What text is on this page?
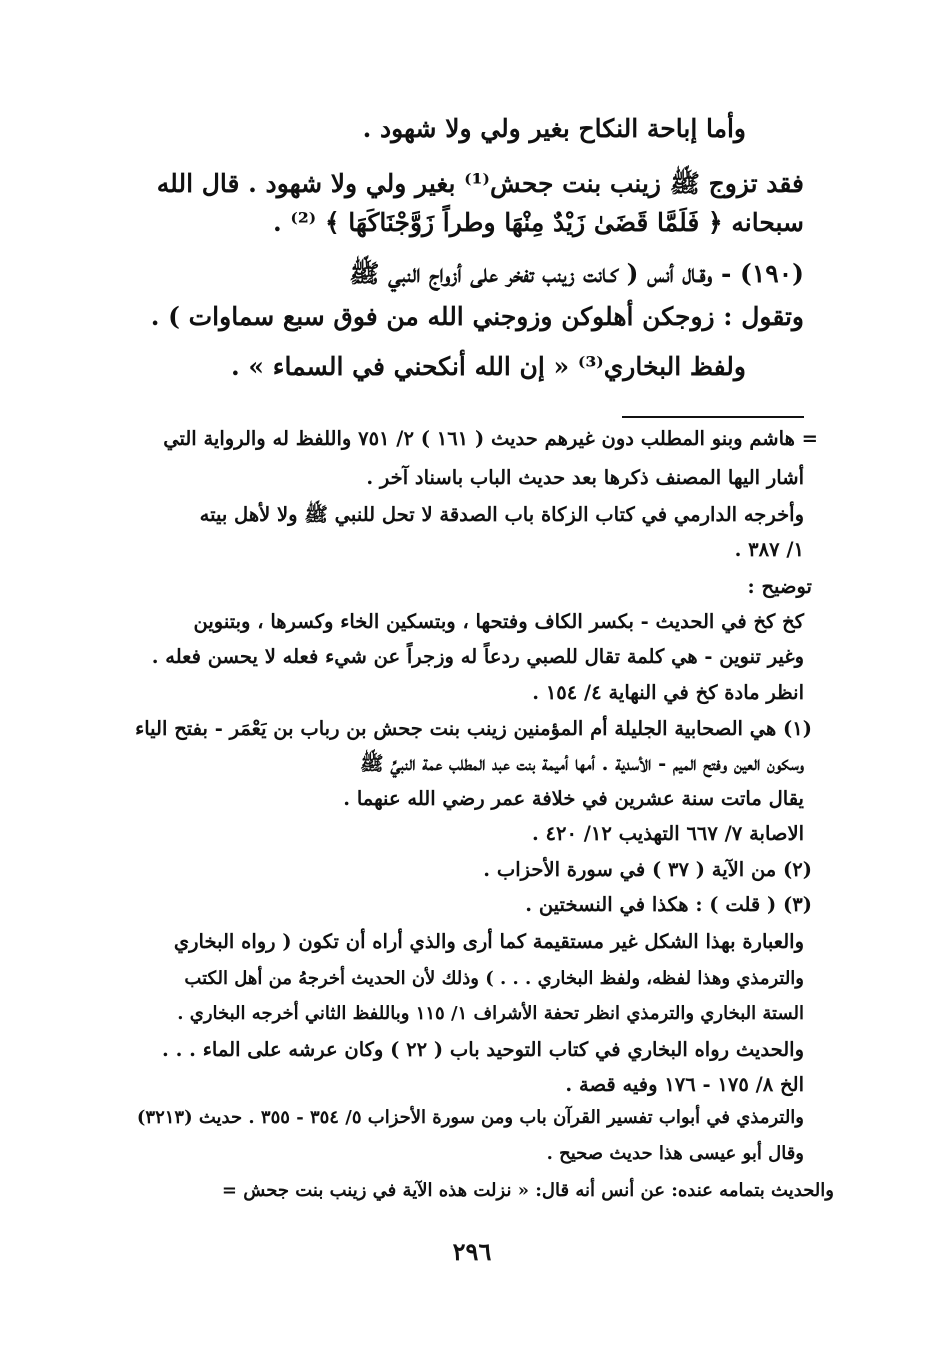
وأما إباحة النكاح بغير ولي ولا شهود .
فقد تزوج ﷺ زينب بنت جحش⁽¹⁾ بغير ولي ولا شهود . قال الله
سبحانه ﴿ فَلَمَّا قَضَىٰ زَيْدٌ مِنْهَا وطراً زَوَّجْنَاكَهَا ﴾ ⁽²⁾ .
(١٩٠) - وقـال أنس ( كـانت زينب تفخر على أزواج النبي ﷺ
وتقول : زوجكن أهلوكن وزوجني الله من فوق سبع سماوات ) .
ولفظ البخاري⁽³⁾ « إن الله أنكحني في السماء » .
= هاشم وبنو المطلب دون غيرهم حديث ( ١٦١ ) ٢/ ٧٥١ واللفظ له والرواية التي
أشار اليها المصنف ذكرها بعد حديث الباب باسناد آخر .
وأخرجه الدارمي في كتاب الزكاة باب الصدقة لا تحل للنبي ﷺ ولا لأهل بيته
١/ ٣٨٧ .
توضيح :
كخ كخ في الحديث - بكسر الكاف وفتحها ، وبتسكين الخاء وكسرها ، وبتنوين
وغير تنوين - هي كلمة تقال للصبي ردعاً له وزجراً عن شيء فعله لا يحسن فعله .
انظر مادة كخ في النهاية ٤/ ١٥٤ .
(١) هي الصحابية الجليلة أم المؤمنين زينب بنت جحش بن رباب بن يَعْمَر - بفتح الياء
وسكون العين وفتح الميم - الأسدية . أمها أميمة بنت عبد المطلب عمة النبيِّ ﷺ
يقال ماتت سنة عشرين في خلافة عمر رضي الله عنهما .
الاصابة ٧/ ٦٦٧ التهذيب ١٢/ ٤٢٠ .
(٢) من الآية ( ٣٧ ) في سورة الأحزاب .
(٣) ( قلت ) : هكذا في النسختين .
والعبارة بهذا الشكل غير مستقيمة كما أرى والذي أراه أن تكون ( رواه البخاري
والترمذي وهذا لفظه، ولفظ البخاري . . . ) وذلك لأن الحديث أخرجهُ من أهل الكتب
الستة البخاري والترمذي انظر تحفة الأشراف ١/ ١١٥ وباللفظ الثاني أخرجه البخاري .
والحديث رواه البخاري في كتاب التوحيد باب ( ٢٢ ) وكان عرشه على الماء . . .
الخ ٨/ ١٧٥ - ١٧٦ وفيه قصة .
والترمذي في أبواب تفسير القرآن باب ومن سورة الأحزاب ٥/ ٣٥٤ - ٣٥٥ . حديث (٣٢١٣)
وقال أبو عيسى هذا حديث صحيح .
والحديث بتمامه عنده: عن أنس أنه قال: « نزلت هذه الآية في زينب بنت جحش =
٢٩٦
